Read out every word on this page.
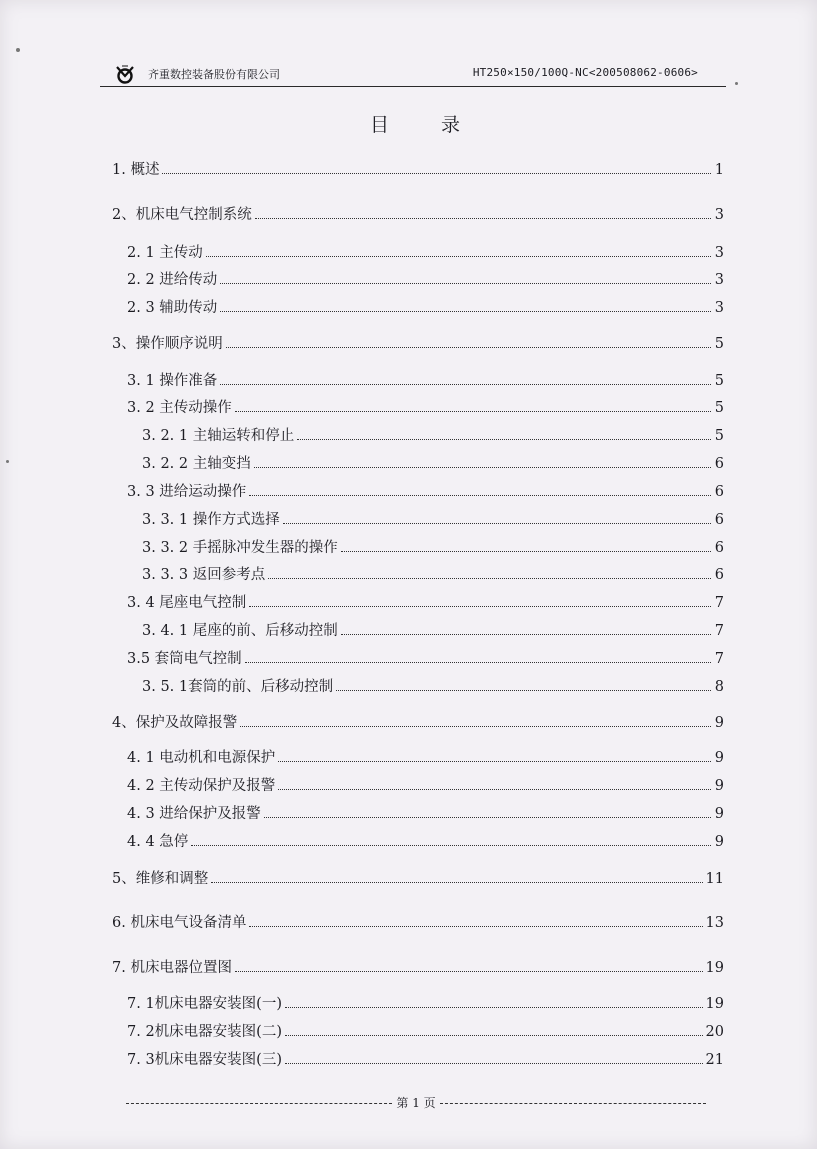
齐重数控装备股份有限公司	HT250×150/100Q-NC<200508062-0606>
目录
1. 概述	1
2、机床电气控制系统	3
2. 1 主传动	3
2. 2 进给传动	3
2. 3 辅助传动	3
3、操作顺序说明	5
3. 1 操作准备	5
3. 2 主传动操作	5
3. 2. 1 主轴运转和停止	5
3. 2. 2 主轴变挡	6
3. 3 进给运动操作	6
3. 3. 1 操作方式选择	6
3. 3. 2 手摇脉冲发生器的操作	6
3. 3. 3 返回参考点	6
3. 4 尾座电气控制	7
3. 4. 1 尾座的前、后移动控制	7
3.5 套筒电气控制	7
3. 5. 1套筒的前、后移动控制	8
4、保护及故障报警	9
4. 1 电动机和电源保护	9
4. 2 主传动保护及报警	9
4. 3 进给保护及报警	9
4. 4 急停	9
5、维修和调整	11
6. 机床电气设备清单	13
7. 机床电器位置图	19
7. 1机床电器安装图(一)	19
7. 2机床电器安装图(二)	20
7. 3机床电器安装图(三)	21
第 1 页
